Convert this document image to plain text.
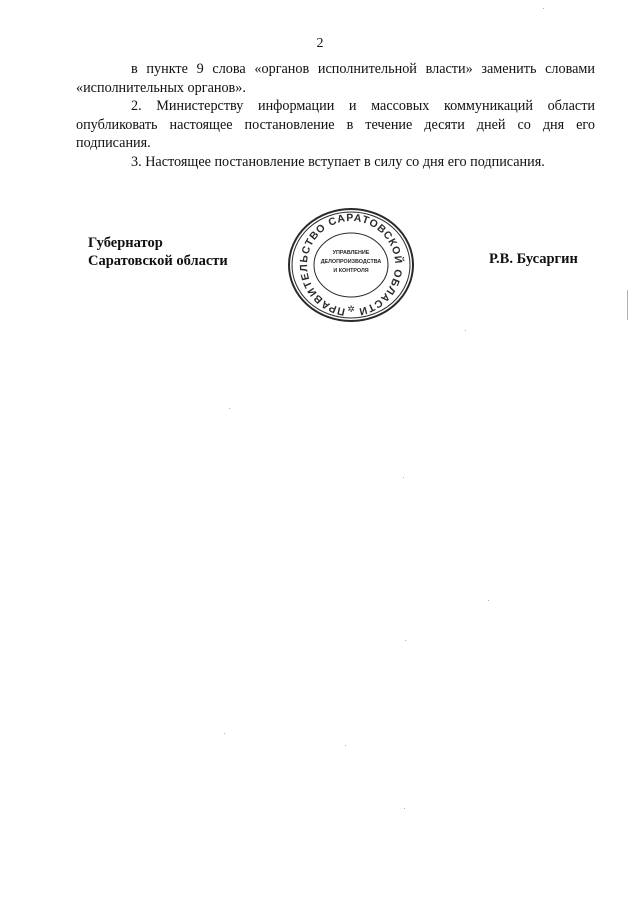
2

в пункте 9 слова «органов исполнительной власти» заменить словами «исполнительных органов».

2. Министерству информации и массовых коммуникаций области опубликовать настоящее постановление в течение десяти дней со дня его подписания.

3. Настоящее постановление вступает в силу со дня его подписания.

Губернатор
Саратовской области	Р.В. Бусаргин
ПРАВИТЕЛЬСТВО САРАТОВСКОЙ ОБЛАСТИ
УПРАВЛЕНИЕ
ДЕЛОПРОИЗВОДСТВА
И КОНТРОЛЯ
✲
